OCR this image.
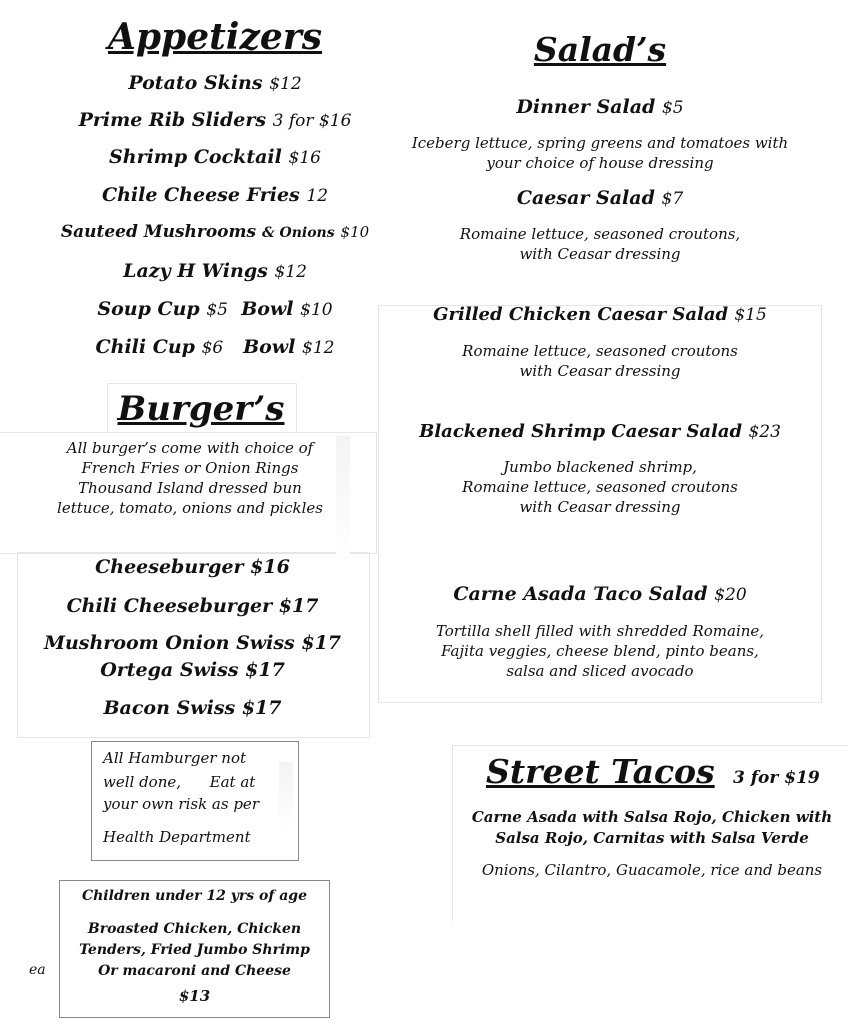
Appetizers
Potato Skins $12
Prime Rib Sliders 3 for $16
Shrimp Cocktail $16
Chile Cheese Fries 12
Sauteed Mushrooms & Onions $10
Lazy H Wings $12
Soup Cup $5 Bowl $10
Chili Cup $6 Bowl $12
Burger’s
All burger’s come with choice of
French Fries or Onion Rings
Thousand Island dressed bun
lettuce, tomato, onions and pickles
Cheeseburger $16
Chili Cheeseburger $17
Mushroom Onion Swiss $17
Ortega Swiss $17
Bacon Swiss $17
All Hamburger not
well done,      Eat at
your own risk as per
Health Department
ea
Children under 12 yrs of age
Broasted Chicken, Chicken
Tenders, Fried Jumbo Shrimp
Or macaroni and Cheese
$13
Salad’s
Dinner Salad $5
Iceberg lettuce, spring greens and tomatoes with
your choice of house dressing
Caesar Salad $7
Romaine lettuce, seasoned croutons,
with Ceasar dressing
Grilled Chicken Caesar Salad $15
Romaine lettuce, seasoned croutons
with Ceasar dressing
Blackened Shrimp Caesar Salad $23
Jumbo blackened shrimp,
Romaine lettuce, seasoned croutons
with Ceasar dressing
Carne Asada Taco Salad $20
Tortilla shell filled with shredded Romaine,
Fajita veggies, cheese blend, pinto beans,
salsa and sliced avocado
Street Tacos 3 for $19
Carne Asada with Salsa Rojo, Chicken with
Salsa Rojo, Carnitas with Salsa Verde
Onions, Cilantro, Guacamole, rice and beans
